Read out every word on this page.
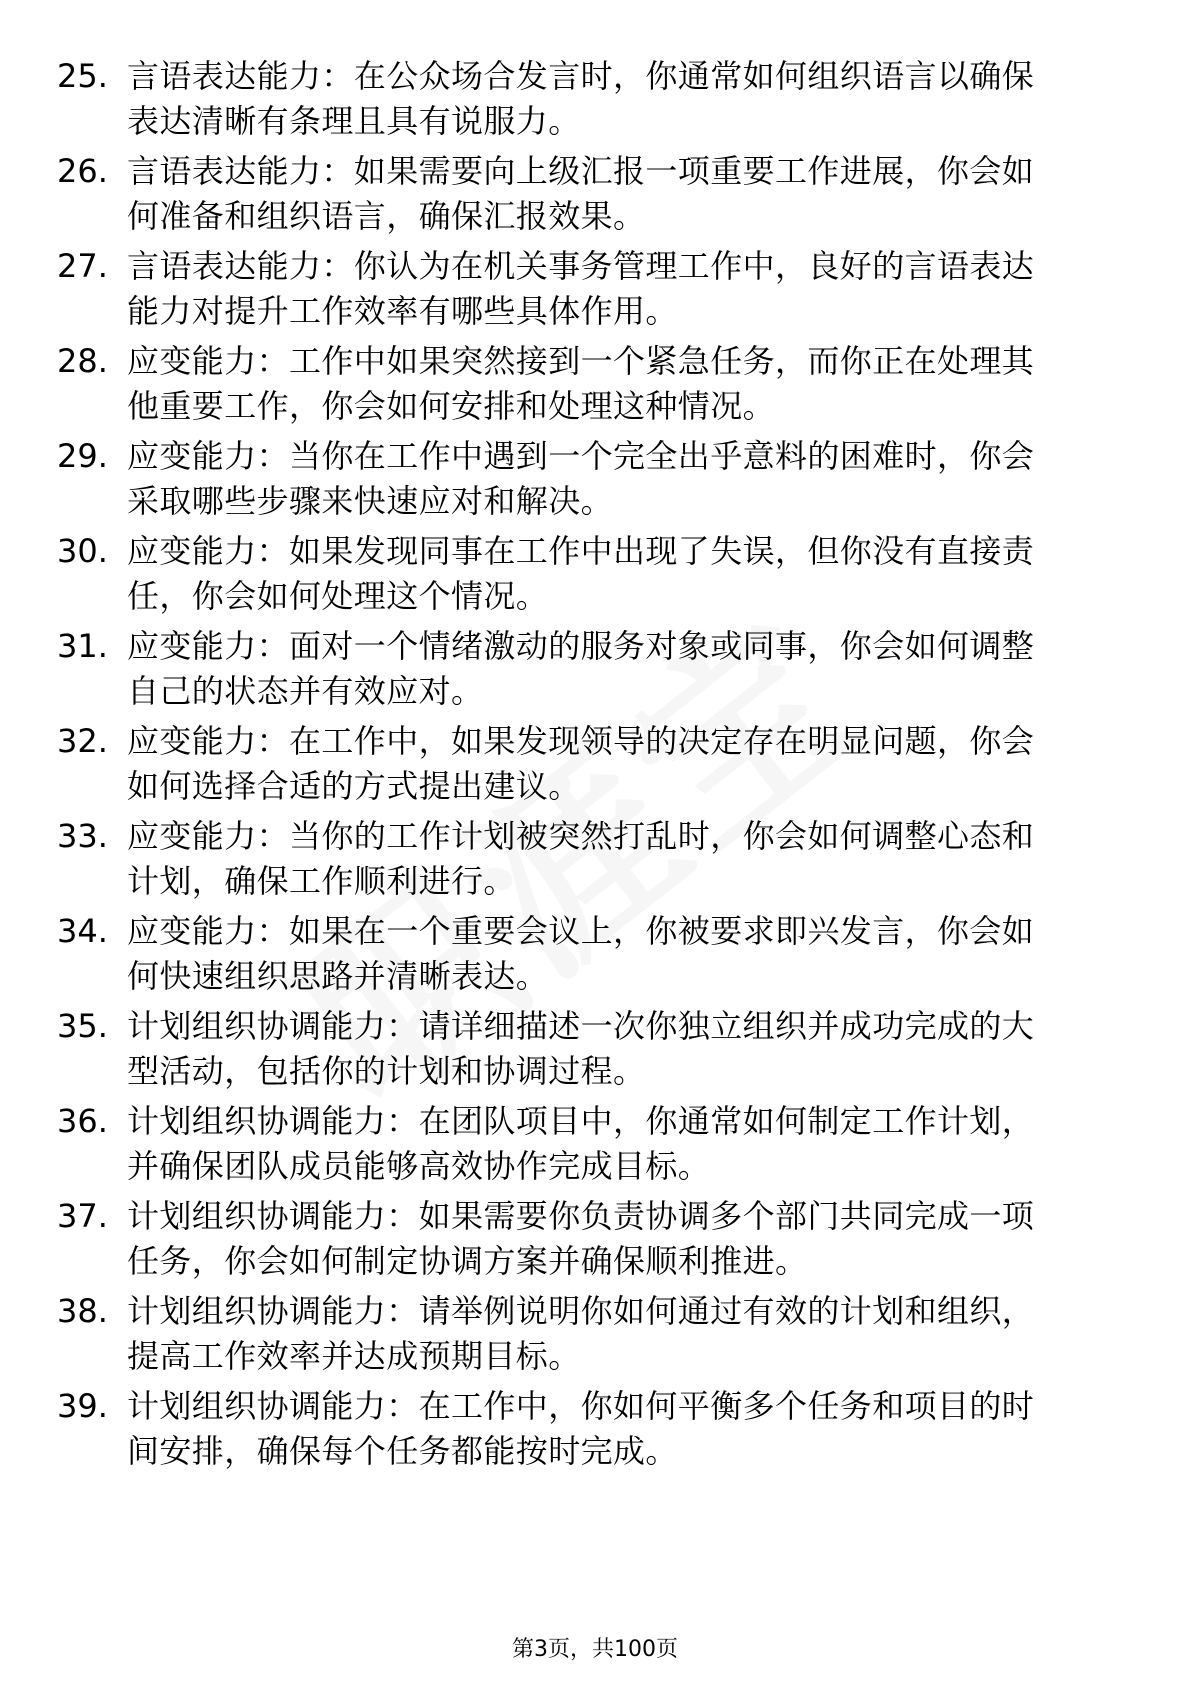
25. 言语表达能力：在公众场合发言时，你通常如何组织语言以确保
表达清晰有条理且具有说服力。
26. 言语表达能力：如果需要向上级汇报一项重要工作进展，你会如
何准备和组织语言，确保汇报效果。
27. 言语表达能力：你认为在机关事务管理工作中，良好的言语表达
能力对提升工作效率有哪些具体作用。
28. 应变能力：工作中如果突然接到一个紧急任务，而你正在处理其
他重要工作，你会如何安排和处理这种情况。
29. 应变能力：当你在工作中遇到一个完全出乎意料的困难时，你会
采取哪些步骤来快速应对和解决。
30. 应变能力：如果发现同事在工作中出现了失误，但你没有直接责
任，你会如何处理这个情况。
31. 应变能力：面对一个情绪激动的服务对象或同事，你会如何调整
自己的状态并有效应对。
32. 应变能力：在工作中，如果发现领导的决定存在明显问题，你会
如何选择合适的方式提出建议。
33. 应变能力：当你的工作计划被突然打乱时，你会如何调整心态和
计划，确保工作顺利进行。
34. 应变能力：如果在一个重要会议上，你被要求即兴发言，你会如
何快速组织思路并清晰表达。
35. 计划组织协调能力：请详细描述一次你独立组织并成功完成的大
型活动，包括你的计划和协调过程。
36. 计划组织协调能力：在团队项目中，你通常如何制定工作计划，
并确保团队成员能够高效协作完成目标。
37. 计划组织协调能力：如果需要你负责协调多个部门共同完成一项
任务，你会如何制定协调方案并确保顺利推进。
38. 计划组织协调能力：请举例说明你如何通过有效的计划和组织，
提高工作效率并达成预期目标。
39. 计划组织协调能力：在工作中，你如何平衡多个任务和项目的时
间安排，确保每个任务都能按时完成。
第3页，共100页
